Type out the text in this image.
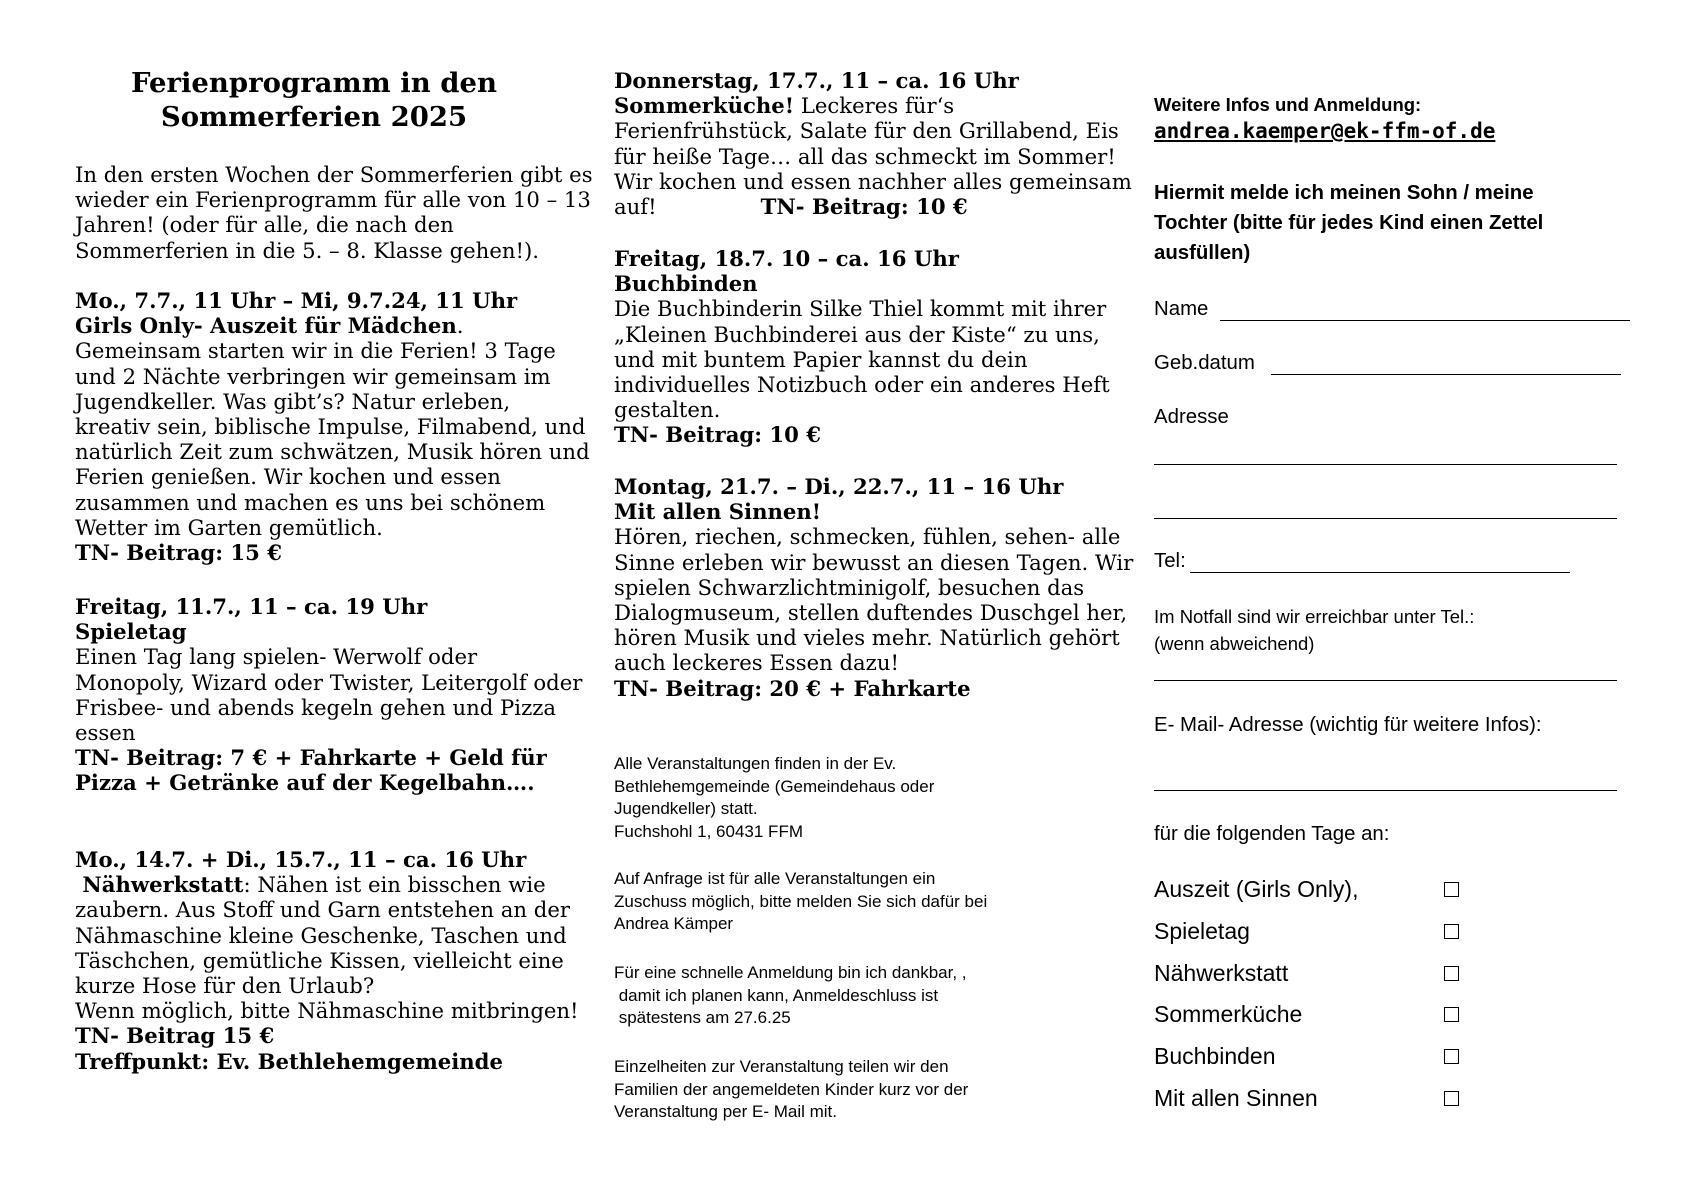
Ferienprogramm in den
Sommerferien 2025

In den ersten Wochen der Sommerferien gibt es

wieder ein Ferienprogramm für alle von 10 – 13

Jahren! (oder für alle, die nach den

Sommerferien in die 5. – 8. Klasse gehen!).

Mo., 7.7., 11 Uhr – Mi, 9.7.24, 11 Uhr

Girls Only- Auszeit für Mädchen.

Gemeinsam starten wir in die Ferien! 3 Tage

und 2 Nächte verbringen wir gemeinsam im

Jugendkeller. Was gibt’s? Natur erleben,

kreativ sein, biblische Impulse, Filmabend, und

natürlich Zeit zum schwätzen, Musik hören und

Ferien genießen. Wir kochen und essen

zusammen und machen es uns bei schönem

Wetter im Garten gemütlich.

TN- Beitrag: 15 €

Freitag, 11.7., 11 – ca. 19 Uhr

Spieletag

Einen Tag lang spielen- Werwolf oder

Monopoly, Wizard oder Twister, Leitergolf oder

Frisbee- und abends kegeln gehen und Pizza

essen

TN- Beitrag: 7 € + Fahrkarte + Geld für

Pizza + Getränke auf der Kegelbahn….

Mo., 14.7. + Di., 15.7., 11 – ca. 16 Uhr

Nähwerkstatt: Nähen ist ein bisschen wie

zaubern. Aus Stoff und Garn entstehen an der

Nähmaschine kleine Geschenke, Taschen und

Täschchen, gemütliche Kissen, vielleicht eine

kurze Hose für den Urlaub?

Wenn möglich, bitte Nähmaschine mitbringen!

TN- Beitrag 15 €

Treffpunkt: Ev. Bethlehemgemeinde

Donnerstag, 17.7., 11 – ca. 16 Uhr

Sommerküche! Leckeres für‘s

Ferienfrühstück, Salate für den Grillabend, Eis

für heiße Tage… all das schmeckt im Sommer!

Wir kochen und essen nachher alles gemeinsam

auf!	TN- Beitrag: 10 €

Freitag, 18.7. 10 – ca. 16 Uhr

Buchbinden

Die Buchbinderin Silke Thiel kommt mit ihrer

„Kleinen Buchbinderei aus der Kiste“ zu uns,

und mit buntem Papier kannst du dein

individuelles Notizbuch oder ein anderes Heft

gestalten.

TN- Beitrag: 10 €

Montag, 21.7. – Di., 22.7., 11 – 16 Uhr

Mit allen Sinnen!

Hören, riechen, schmecken, fühlen, sehen- alle

Sinne erleben wir bewusst an diesen Tagen. Wir

spielen Schwarzlichtminigolf, besuchen das

Dialogmuseum, stellen duftendes Duschgel her,

hören Musik und vieles mehr. Natürlich gehört

auch leckeres Essen dazu!

TN- Beitrag: 20 € + Fahrkarte

Alle Veranstaltungen finden in der Ev.

Bethlehemgemeinde (Gemeindehaus oder

Jugendkeller) statt.

Fuchshohl 1, 60431 FFM

Auf Anfrage ist für alle Veranstaltungen ein

Zuschuss möglich, bitte melden Sie sich dafür bei

Andrea Kämper

Für eine schnelle Anmeldung bin ich dankbar, ,

damit ich planen kann, Anmeldeschluss ist

spätestens am 27.6.25

Einzelheiten zur Veranstaltung teilen wir den

Familien der angemeldeten Kinder kurz vor der

Veranstaltung per E- Mail mit.

Weitere Infos und Anmeldung:
andrea.kaemper@ek-ffm-of.de
Hiermit melde ich meinen Sohn / meine
Tochter (bitte für jedes Kind einen Zettel
ausfüllen)
Name
Geb.datum
Adresse
Tel:
Im Notfall sind wir erreichbar unter Tel.:
(wenn abweichend)
E- Mail- Adresse (wichtig für weitere Infos):
für die folgenden Tage an:
Auszeit (Girls Only),
Spieletag
Nähwerkstatt
Sommerküche
Buchbinden
Mit allen Sinnen
